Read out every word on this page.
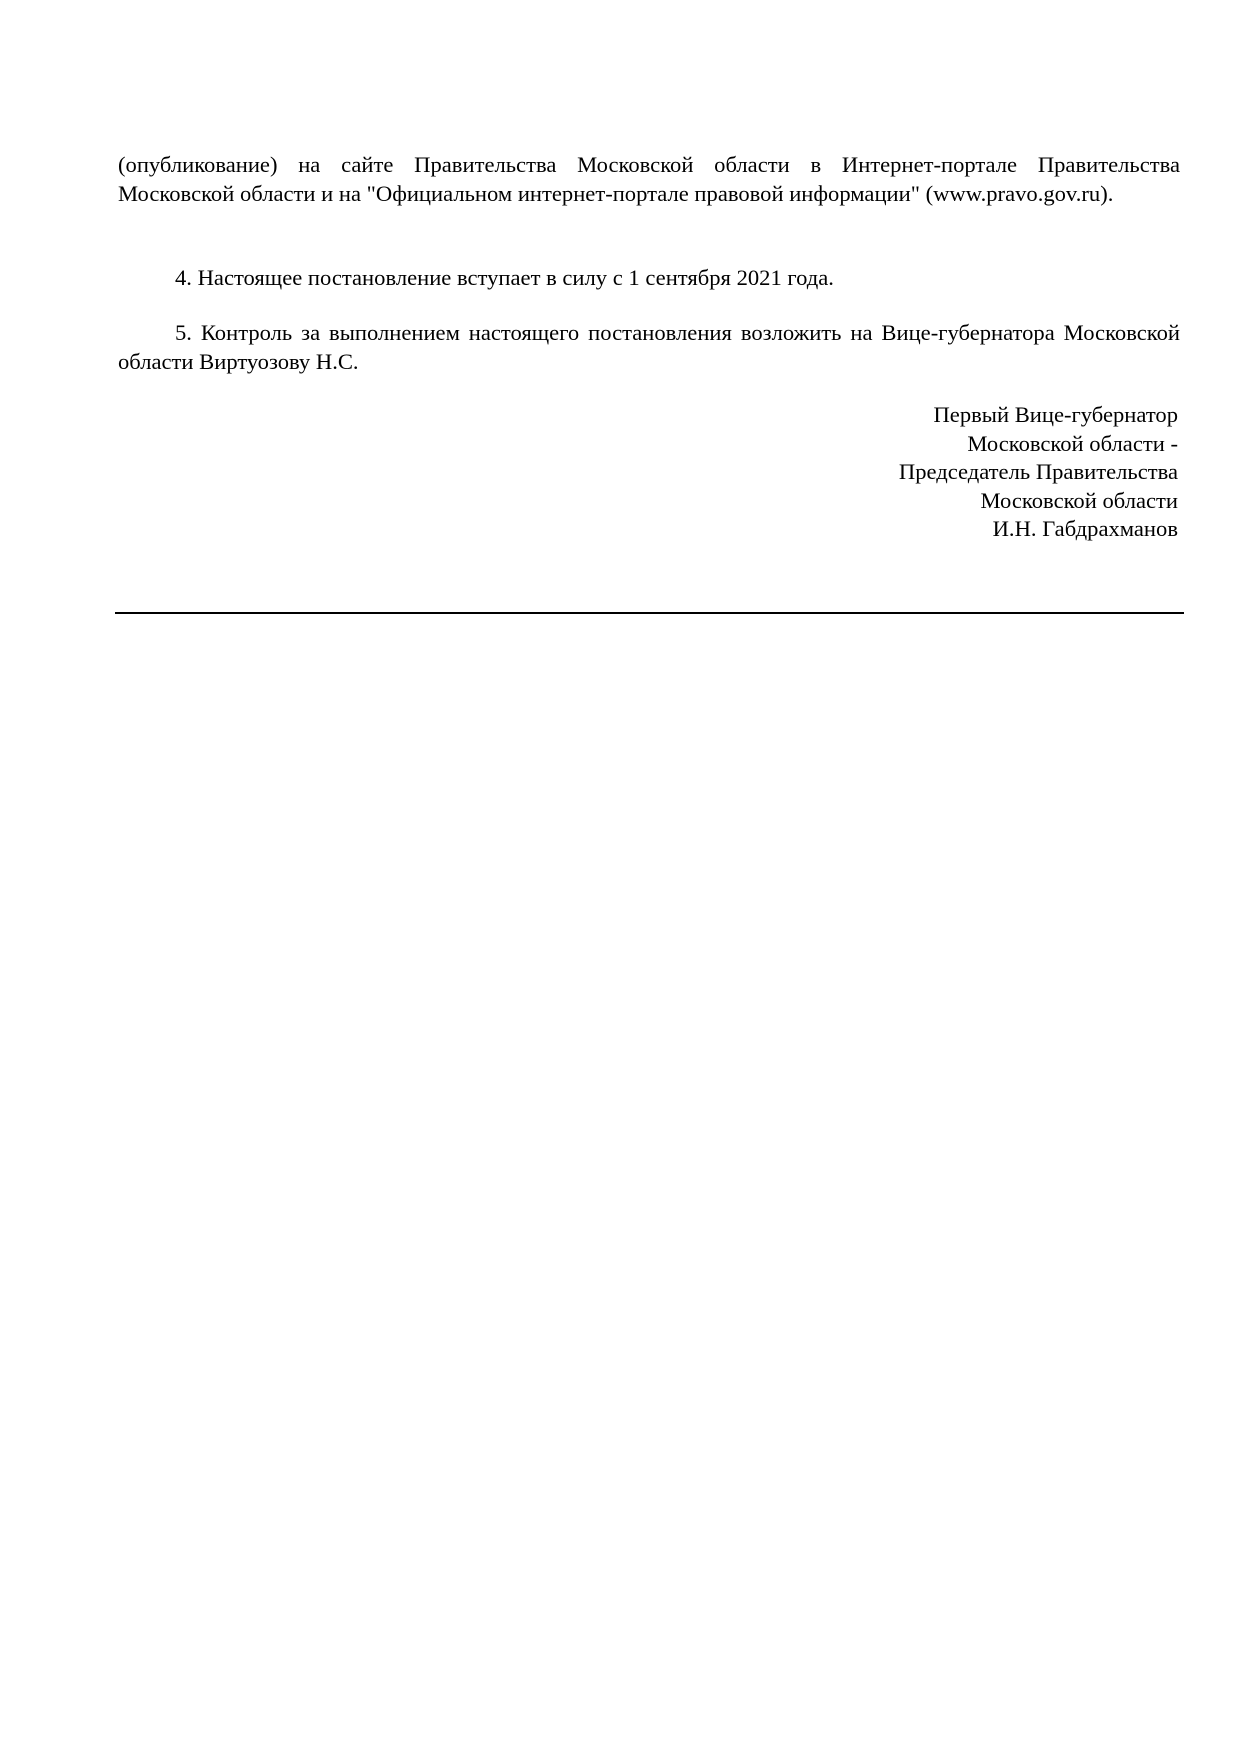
(опубликование) на сайте Правительства Московской области в Интернет-портале Правительства Московской области и на "Официальном интернет-портале правовой информации" (www.pravo.gov.ru).

4. Настоящее постановление вступает в силу с 1 сентября 2021 года.

5. Контроль за выполнением настоящего постановления возложить на Вице-губернатора Московской области Виртуозову Н.С.

Первый Вице-губернатор
Московской области -
Председатель Правительства
Московской области
И.Н. Габдрахманов
